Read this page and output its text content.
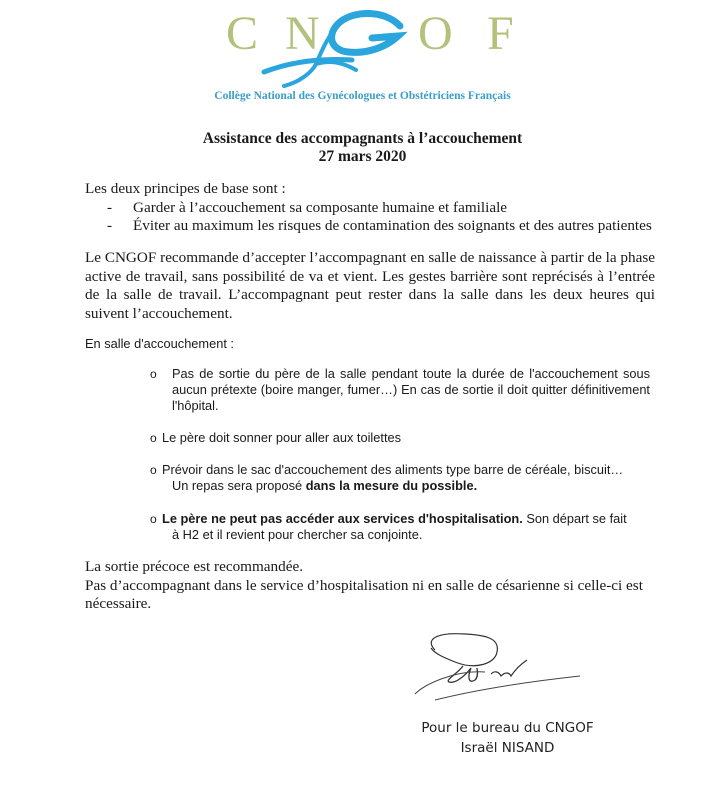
C N O F
Collège National des Gynécologues et Obstétriciens Français
Assistance des accompagnants à l’accouchement
27 mars 2020
Les deux principes de base sont :
- Garder à l’accouchement sa composante humaine et familiale
- Éviter au maximum les risques de contamination des soignants et des autres patientes
Le CNGOF recommande d’accepter l’accompagnant en salle de naissance à partir de la phase active de travail, sans possibilité de va et vient. Les gestes barrière sont reprécisés à l’entrée de la salle de travail. L’accompagnant peut rester dans la salle dans les deux heures qui suivent l’accouchement.
En salle d'accouchement :
o Pas de sortie du père de la salle pendant toute la durée de l'accouchement sous aucun prétexte (boire manger, fumer…) En cas de sortie il doit quitter définitivement l'hôpital.
o Le père doit sonner pour aller aux toilettes
o Prévoir dans le sac d'accouchement des aliments type barre de céréale, biscuit…
Un repas sera proposé dans la mesure du possible.
o Le père ne peut pas accéder aux services d'hospitalisation. Son départ se fait
à H2 et il revient pour chercher sa conjointe.
La sortie précoce est recommandée.
Pas d’accompagnant dans le service d’hospitalisation ni en salle de césarienne si celle-ci est nécessaire.
Pour le bureau du CNGOF
Israël NISAND
